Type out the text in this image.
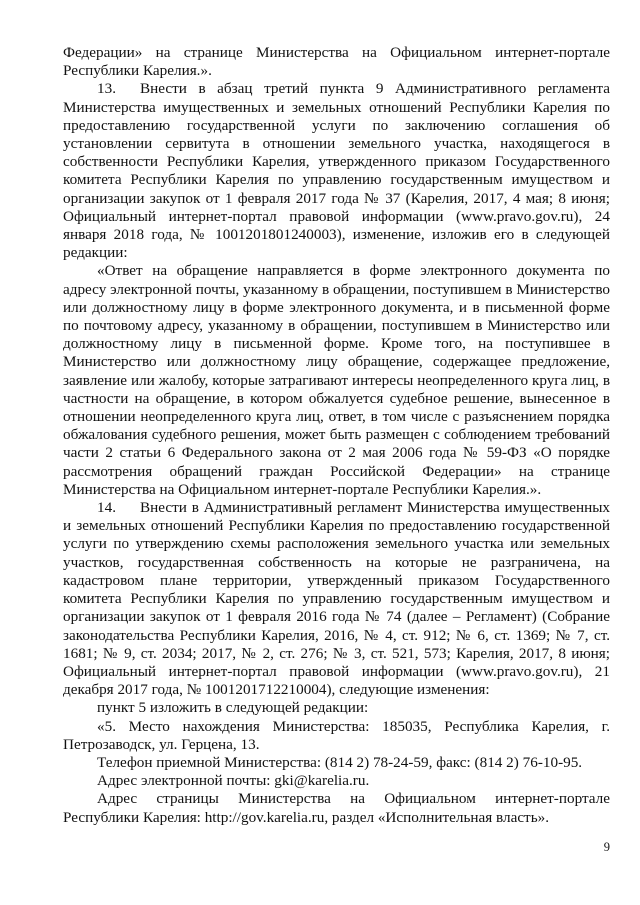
Федерации» на странице Министерства на Официальном интернет-портале Республики Карелия.».

13. Внести в абзац третий пункта 9 Административного регламента Министерства имущественных и земельных отношений Республики Карелия по предоставлению государственной услуги по заключению соглашения об установлении сервитута в отношении земельного участка, находящегося в собственности Республики Карелия, утвержденного приказом Государственного комитета Республики Карелия по управлению государственным имуществом и организации закупок от 1 февраля 2017 года № 37 (Карелия, 2017, 4 мая; 8 июня; Официальный интернет-портал правовой информации (www.pravo.gov.ru), 24 января 2018 года, № 1001201801240003), изменение, изложив его в следующей редакции:

«Ответ на обращение направляется в форме электронного документа по адресу электронной почты, указанному в обращении, поступившем в Министерство или должностному лицу в форме электронного документа, и в письменной форме по почтовому адресу, указанному в обращении, поступившем в Министерство или должностному лицу в письменной форме. Кроме того, на поступившее в Министерство или должностному лицу обращение, содержащее предложение, заявление или жалобу, которые затрагивают интересы неопределенного круга лиц, в частности на обращение, в котором обжалуется судебное решение, вынесенное в отношении неопределенного круга лиц, ответ, в том числе с разъяснением порядка обжалования судебного решения, может быть размещен с соблюдением требований части 2 статьи 6 Федерального закона от 2 мая 2006 года № 59-ФЗ «О порядке рассмотрения обращений граждан Российской Федерации» на странице Министерства на Официальном интернет-портале Республики Карелия.».

14. Внести в Административный регламент Министерства имущественных и земельных отношений Республики Карелия по предоставлению государственной услуги по утверждению схемы расположения земельного участка или земельных участков, государственная собственность на которые не разграничена, на кадастровом плане территории, утвержденный приказом Государственного комитета Республики Карелия по управлению государственным имуществом и организации закупок от 1 февраля 2016 года № 74 (далее – Регламент) (Собрание законодательства Республики Карелия, 2016, № 4, ст. 912; № 6, ст. 1369; № 7, ст. 1681; № 9, ст. 2034; 2017, № 2, ст. 276; № 3, ст. 521, 573; Карелия, 2017, 8 июня; Официальный интернет-портал правовой информации (www.pravo.gov.ru), 21 декабря 2017 года, № 1001201712210004), следующие изменения:

пункт 5 изложить в следующей редакции:

«5. Место нахождения Министерства: 185035, Республика Карелия, г. Петрозаводск, ул. Герцена, 13.

Телефон приемной Министерства: (814 2) 78-24-59, факс: (814 2) 76-10-95.

Адрес электронной почты: gki@karelia.ru.

Адрес страницы Министерства на Официальном интернет-портале Республики Карелия: http://gov.karelia.ru, раздел «Исполнительная власть».

9
